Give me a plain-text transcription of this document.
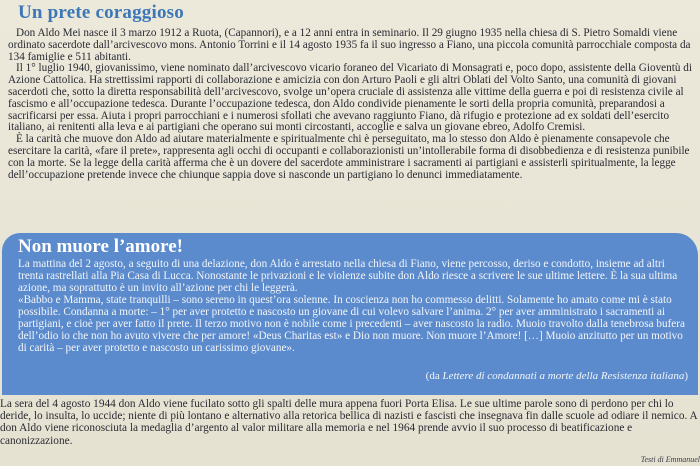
Un prete coraggioso

Don Aldo Mei nasce il 3 marzo 1912 a Ruota, (Capannori), e a 12 anni entra in seminario. Il 29 giugno 1935 nella chiesa di S. Pietro Somaldi viene ordinato sacerdote dall’arcivescovo mons. Antonio Torrini e il 14 agosto 1935 fa il suo ingresso a Fiano, una piccola comunità parrocchiale composta da 134 famiglie e 511 abitanti.

Il 1° luglio 1940, giovanissimo, viene nominato dall’arcivescovo vicario foraneo del Vicariato di Monsagrati e, poco dopo, assistente della Gioventù di Azione Cattolica. Ha strettissimi rapporti di collaborazione e amicizia con don Arturo Paoli e gli altri Oblati del Volto Santo, una comunità di giovani sacerdoti che, sotto la diretta responsabilità dell’arcivescovo, svolge un’opera cruciale di assistenza alle vittime della guerra e poi di resistenza civile al fascismo e all’occupazione tedesca. Durante l’occupazione tedesca, don Aldo condivide pienamente le sorti della propria comunità, preparandosi a sacrificarsi per essa. Aiuta i propri parrocchiani e i numerosi sfollati che avevano raggiunto Fiano, dà rifugio e protezione ad ex soldati dell’esercito italiano, ai renitenti alla leva e ai partigiani che operano sui monti circostanti, accoglie e salva un giovane ebreo, Adolfo Cremisi.

È la carità che muove don Aldo ad aiutare materialmente e spiritualmente chi è perseguitato, ma lo stesso don Aldo è pienamente consapevole che esercitare la carità, «fare il prete», rappresenta agli occhi di occupanti e collaborazionisti un’intollerabile forma di disobbedienza e di resistenza punibile con la morte. Se la legge della carità afferma che è un dovere del sacerdote amministrare i sacramenti ai partigiani e assisterli spiritualmente, la legge dell’occupazione pretende invece che chiunque sappia dove si nasconde un partigiano lo denunci immediatamente.

Non muore l’amore!

La mattina del 2 agosto, a seguito di una delazione, don Aldo è arrestato nella chiesa di Fiano, viene percosso, deriso e condotto, insieme ad altri trenta rastrellati alla Pia Casa di Lucca. Nonostante le privazioni e le violenze subite don Aldo riesce a scrivere le sue ultime lettere. È la sua ultima azione, ma soprattutto è un invito all’azione per chi le leggerà.

«Babbo e Mamma, state tranquilli – sono sereno in quest’ora solenne. In coscienza non ho commesso delitti. Solamente ho amato come mi è stato possibile. Condanna a morte: – 1° per aver protetto e nascosto un giovane di cui volevo salvare l’anima. 2° per aver amministrato i sacramenti ai partigiani, e cioè per aver fatto il prete. Il terzo motivo non è nobile come i precedenti – aver nascosto la radio. Muoio travolto dalla tenebrosa bufera dell’odio io che non ho avuto vivere che per amore! «Deus Charitas est» e Dio non muore. Non muore l’Amore! […] Muoio anzitutto per un motivo di carità – per aver protetto e nascosto un carissimo giovane».

(da Lettere di condannati a morte della Resistenza italiana)

La sera del 4 agosto 1944 don Aldo viene fucilato sotto gli spalti delle mura appena fuori Porta Elisa. Le sue ultime parole sono di perdono per chi lo deride, lo insulta, lo uccide; niente di più lontano e alternativo alla retorica bellica di nazisti e fascisti che insegnava fin dalle scuole ad odiare il nemico. A don Aldo viene riconosciuta la medaglia d’argento al valor militare alla memoria e nel 1964 prende avvio il suo processo di beatificazione e canonizzazione.

Testi di Emmanuel
